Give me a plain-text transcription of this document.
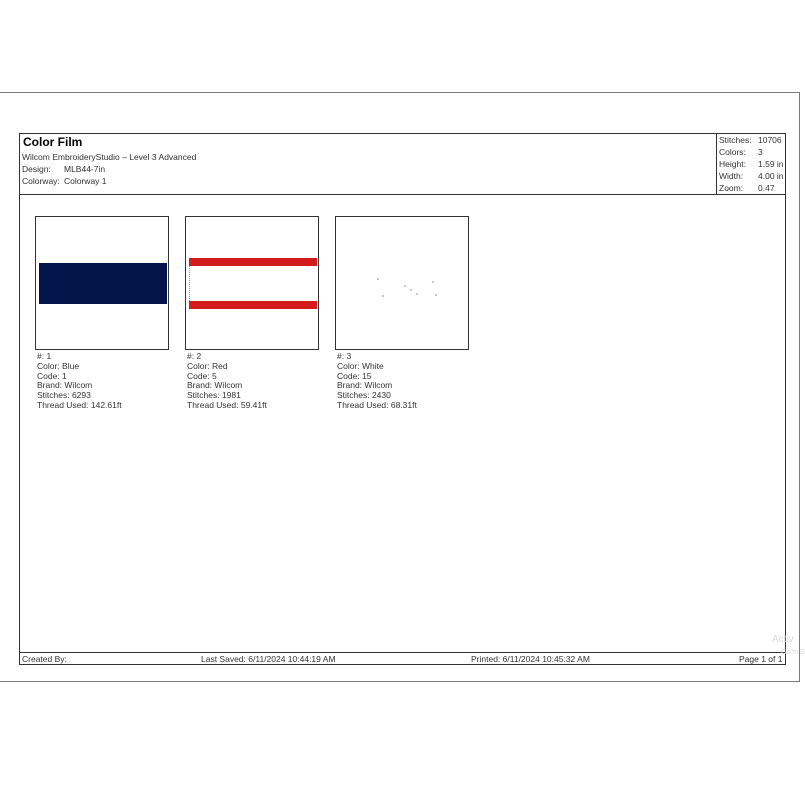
Color Film
Wilcom EmbroideryStudio – Level 3 Advanced
Design: MLB44-7in
Colorway: Colorway 1
Stitches: 10706
Colors: 3
Height: 1.59 in
Width: 4.00 in
Zoom: 0.47
#: 1
Color: Blue
Code: 1
Brand: Wilcom
Stitches: 6293
Thread Used: 142.61ft
#: 2
Color: Red
Code: 5
Brand: Wilcom
Stitches: 1981
Thread Used: 59.41ft
#: 3
Color: White
Code: 15
Brand: Wilcom
Stitches: 2430
Thread Used: 68.31ft
Created By:	Last Saved: 6/11/2024 10:44:19 AM	Printed: 6/11/2024 10:45:32 AM	Page 1 of 1
Activ
Go to S
